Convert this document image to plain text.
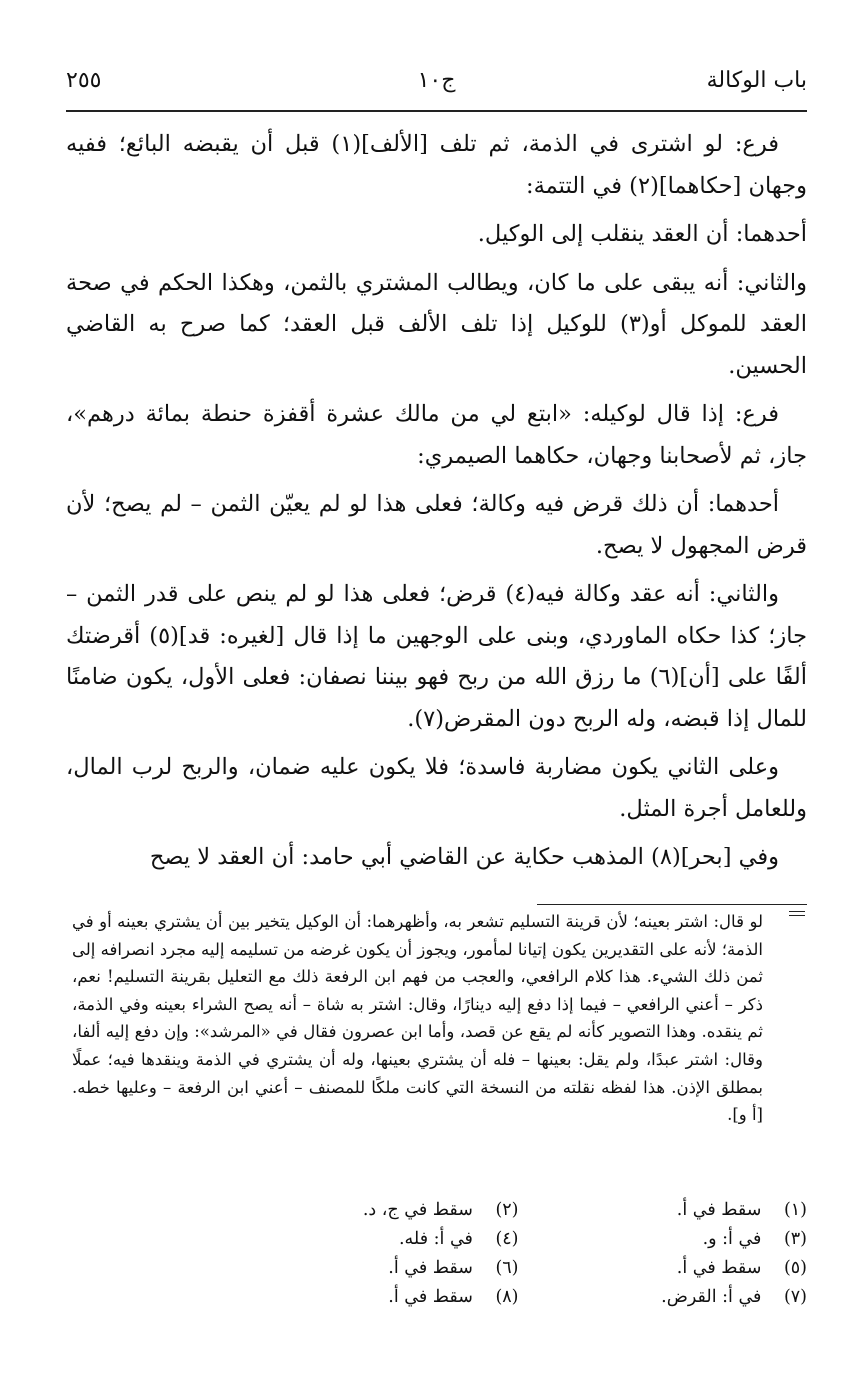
باب الوكالة
ج١٠
٢٥٥

فرع: لو اشترى في الذمة، ثم تلف [الألف](١) قبل أن يقبضه البائع؛ ففيه وجهان [حكاهما](٢) في التتمة:

أحدهما: أن العقد ينقلب إلى الوكيل.

والثاني: أنه يبقى على ما كان، ويطالب المشتري بالثمن، وهكذا الحكم في صحة العقد للموكل أو(٣) للوكيل إذا تلف الألف قبل العقد؛ كما صرح به القاضي الحسين.

فرع: إذا قال لوكيله: «ابتع لي من مالك عشرة أقفزة حنطة بمائة درهم»، جاز، ثم لأصحابنا وجهان، حكاهما الصيمري:

أحدهما: أن ذلك قرض فيه وكالة؛ فعلى هذا لو لم يعيّن الثمن – لم يصح؛ لأن قرض المجهول لا يصح.

والثاني: أنه عقد وكالة فيه(٤) قرض؛ فعلى هذا لو لم ينص على قدر الثمن – جاز؛ كذا حكاه الماوردي، وبنى على الوجهين ما إذا قال [لغيره: قد](٥) أقرضتك ألفًا على [أن](٦) ما رزق الله من ربح فهو بيننا نصفان: فعلى الأول، يكون ضامنًا للمال إذا قبضه، وله الربح دون المقرض(٧).

وعلى الثاني يكون مضاربة فاسدة؛ فلا يكون عليه ضمان، والربح لرب المال، وللعامل أجرة المثل.

وفي [بحر](٨) المذهب حكاية عن القاضي أبي حامد: أن العقد لا يصح

لو قال: اشتر بعينه؛ لأن قرينة التسليم تشعر به، وأظهرهما: أن الوكيل يتخير بين أن يشتري بعينه أو في الذمة؛ لأنه على التقديرين يكون إتيانا لمأمور، ويجوز أن يكون غرضه من تسليمه إليه مجرد انصرافه إلى ثمن ذلك الشيء. هذا كلام الرافعي، والعجب من فهم ابن الرفعة ذلك مع التعليل بقرينة التسليم! نعم، ذكر – أعني الرافعي – فيما إذا دفع إليه دينارًا، وقال: اشتر به شاة – أنه يصح الشراء بعينه وفي الذمة، ثم ينقده. وهذا التصوير كأنه لم يقع عن قصد، وأما ابن عصرون فقال في «المرشد»: وإن دفع إليه ألفا، وقال: اشتر عبدًا، ولم يقل: بعينها – فله أن يشتري بعينها، وله أن يشتري في الذمة وينقدها فيه؛ عملًا بمطلق الإذن. هذا لفظه نقلته من النسخة التي كانت ملكًا للمصنف – أعني ابن الرفعة – وعليها خطه. [أ و].
(١) سقط في أ.
(٢) سقط في ج، د.
(٣) في أ: و.
(٤) في أ: فله.
(٥) سقط في أ.
(٦) سقط في أ.
(٧) في أ: القرض.
(٨) سقط في أ.
